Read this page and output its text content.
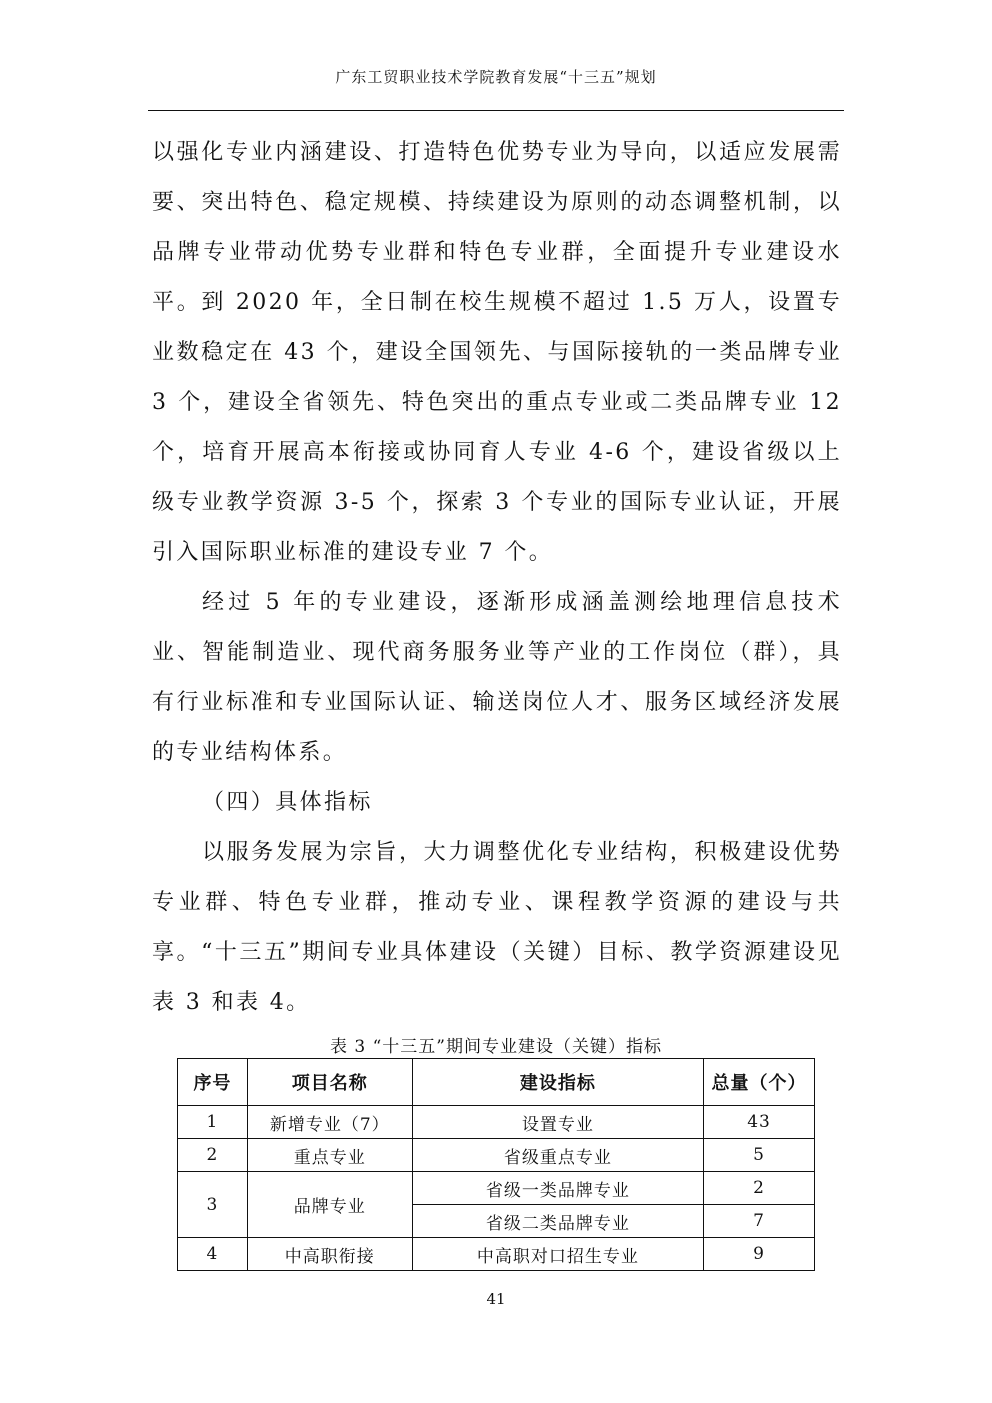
广东工贸职业技术学院教育发展“十三五”规划

以强化专业内涵建设、打造特色优势专业为导向，以适应发展需要、突出特色、稳定规模、持续建设为原则的动态调整机制，以品牌专业带动优势专业群和特色专业群，全面提升专业建设水平。到 2020 年，全日制在校生规模不超过 1.5 万人，设置专业数稳定在 43 个，建设全国领先、与国际接轨的一类品牌专业 3 个，建设全省领先、特色突出的重点专业或二类品牌专业 12 个，培育开展高本衔接或协同育人专业 4-6 个，建设省级以上级专业教学资源 3-5 个，探索 3 个专业的国际专业认证，开展引入国际职业标准的建设专业 7 个。

经过 5 年的专业建设，逐渐形成涵盖测绘地理信息技术业、智能制造业、现代商务服务业等产业的工作岗位（群），具有行业标准和专业国际认证、输送岗位人才、服务区域经济发展的专业结构体系。

（四）具体指标

以服务发展为宗旨，大力调整优化专业结构，积极建设优势专业群、特色专业群，推动专业、课程教学资源的建设与共享。“十三五”期间专业具体建设（关键）目标、教学资源建设见表 3 和表 4。

表 3 “十三五”期间专业建设（关键）指标
序号	项目名称	建设指标	总量（个）
1	新增专业（7）	设置专业	43
2	重点专业	省级重点专业	5
3	品牌专业	省级一类品牌专业	2
		省级二类品牌专业	7
4	中高职衔接	中高职对口招生专业	9
41
